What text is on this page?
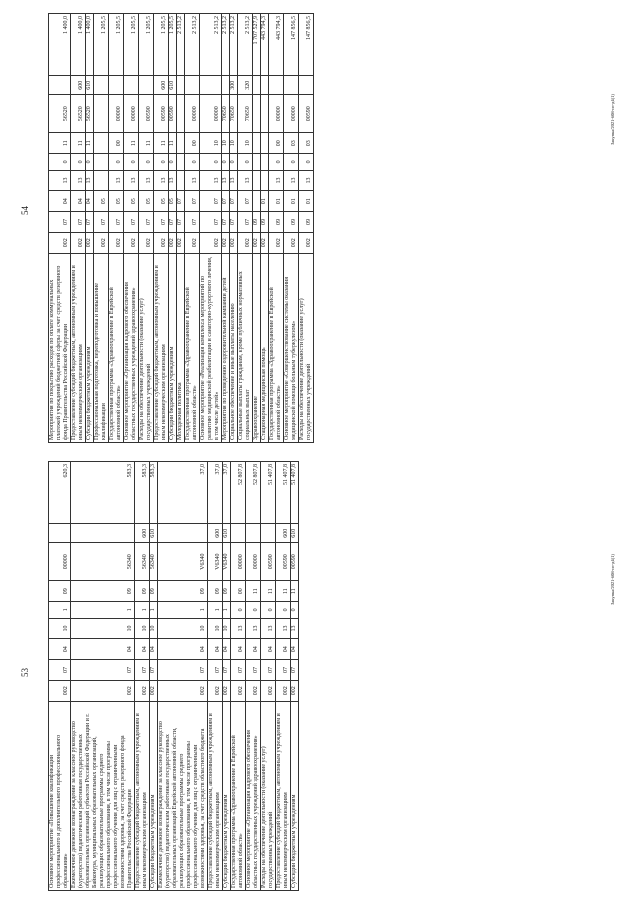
53
Основное мероприятие «Повышение квалификации профессионального и дополнительного профессионального образования»	002	07	04	10	1	09	00000		620,3
Ежемесячное денежное вознаграждение за классное руководство (кураторство) педагогическим работникам государственных образовательных организаций субъектов Российской Федерации и г. Байконура, муниципальных образовательных организаций, реализующих образовательные программы среднего профессионального образования, в том числе программы профессионального обучения для лиц с ограниченными возможностями здоровья, за счет средств резервного фонда Правительства Российской Федерации	002	07	04	10	1	09	56340		583,3
Предоставление субсидий бюджетным, автономным учреждениям и иным некоммерческим организациям	002	07	04	10	1	09	56340	600	583,3
Субсидии бюджетным учреждениям	002	07	04	10	1	09	56340	610	583,3
Ежемесячное денежное вознаграждение за классное руководство (кураторство) педагогическим работникам государственных образовательных организаций Еврейской автономной области, реализующих образовательные программы среднего профессионального образования, в том числе программы профессионального обучения для лиц с ограниченными возможностями здоровья, за счет средств областного бюджета	002	07	04	10	1	09	V6340		37,0
Предоставление субсидий бюджетным, автономным учреждениям и иным некоммерческим организациям	002	07	04	10	1	09	V6340	600	37,0
Субсидии бюджетным учреждениям	002	07	04	10	1	09	V6340	610	37,0
Государственная программа «Здравоохранение в Еврейской автономной области»	002	07	04	13	0	00	00000		52 807,8
Основное мероприятие «Организация кадрового обеспечения областных государственных учреждений здравоохранения»	002	07	04	13	0	11	00000		52 807,8
Расходы на обеспечение деятельности (оказание услуг) государственных учреждений	002	07	04	13	0	11	00590		51 407,8
Предоставление субсидий бюджетным, автономным учреждениям и иным некоммерческим организациям	002	07	04	13	0	11	00590	600	51 407,8
Субсидии бюджетным учреждениям	002	07	04	13	0	11	00590	610	51 407,8
Закупка/2021-608-сп-д4(1)
54
Мероприятия по покрытию расходов по оплате коммунальных платежей учреждений бюджетной сферы за счет средств резервного фонда Правительства Российской Федерации	002	07	04	13	0	11	56520		1 400,0
Предоставление субсидий бюджетным, автономным учреждениям и иным некоммерческим организациям	002	07	04	13	0	11	56520	600	1 400,0
Субсидии бюджетным учреждениям	002	07	04	13	0	11	56520	610	1 400,0
Профессиональная подготовка, переподготовка и повышение квалификации	002	07	05						1 205,5
Государственная программа «Здравоохранение в Еврейской автономной области»	002	07	05	13	0	00	00000		1 205,5
Основное мероприятие «Организация кадрового обеспечения областных государственных учреждений здравоохранения»	002	07	05	13	0	11	00000		1 205,5
Расходы на обеспечение деятельности (оказание услуг) государственных учреждений	002	07	05	13	0	11	00590		1 205,5
Предоставление субсидий бюджетным, автономным учреждениям и иным некоммерческим организациям	002	07	05	13	0	11	00590	600	1 205,5
Субсидии бюджетным учреждениям	002	07	05	13	0	11	00590	610	1 205,5
Молодежная политика	002	07	07						2 513,2
Государственная программа «Здравоохранение в Еврейской автономной области»	002	07	07	13	0	00	00000		2 513,2
Основное мероприятие «Реализация комплекса мероприятий по развитию медицинской реабилитации и санаторно-курортного лечения, в том числе детей»	002	07	07	13	0	10	00000		2 513,2
Мероприятия по проведению оздоровительной кампании детей	002	07	07	13	0	10	70650		2 513,2
Социальное обеспечение и иные выплаты населению	002	07	07	13	0	10	70650	300	2 513,2
Социальные выплаты гражданам, кроме публичных нормативных социальных выплат	002	07	07	13	0	10	70650	320	2 513,2
Здравоохранение	002	09							1 707 527,9
Стационарная медицинская помощь	002	09	01						443 794,3
Государственная программа «Здравоохранение в Еврейской автономной области»	002	09	01	13	0	00	00000		443 794,3
Основное мероприятие «Совершенствование системы оказания медицинской помощи больным туберкулезом»	002	09	01	13	0	03	00000		147 856,5
Расходы на обеспечение деятельности (оказание услуг) государственных учреждений	002	09	01	13	0	03	00590		147 856,5
Закупка/2021-608-сп-д4(1)
